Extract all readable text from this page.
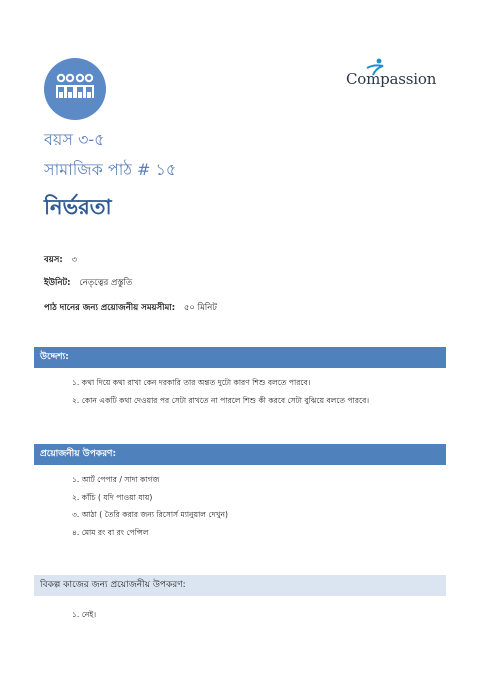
Compassion
বয়স ৩-৫
সামাজিক পাঠ # ১৫
নির্ভরতা
বয়স: ৩
ইউনিট: নেতৃত্বের প্রস্তুতি
পাঠ দানের জন্য প্রয়োজনীয় সময়সীমা: ৫০ মিনিট
উদ্দেশ্য:
১. কথা দিয়ে কথা রাখা কেন দরকারি তার অন্তত দুটো কারণ শিশু বলতে পারবে।
২. কোন একটি কথা দেওয়ার পর সেটা রাখতে না পারলে শিশু কী করবে সেটা বুঝিয়ে বলতে পারবে।
প্রয়োজনীয় উপকরণ:
১. আর্ট পেপার / সাদা কাগজ
২. কাঁচি ( যদি পাওয়া যায়)
৩. আঠা ( তৈরি করার জন্য রিসোর্স ম্যানুয়াল দেখুন)
৪. মোম রং বা রং পেন্সিল
বিকল্প কাজের জন্য প্রয়োজনীয় উপকরণ:
১. নেই।
